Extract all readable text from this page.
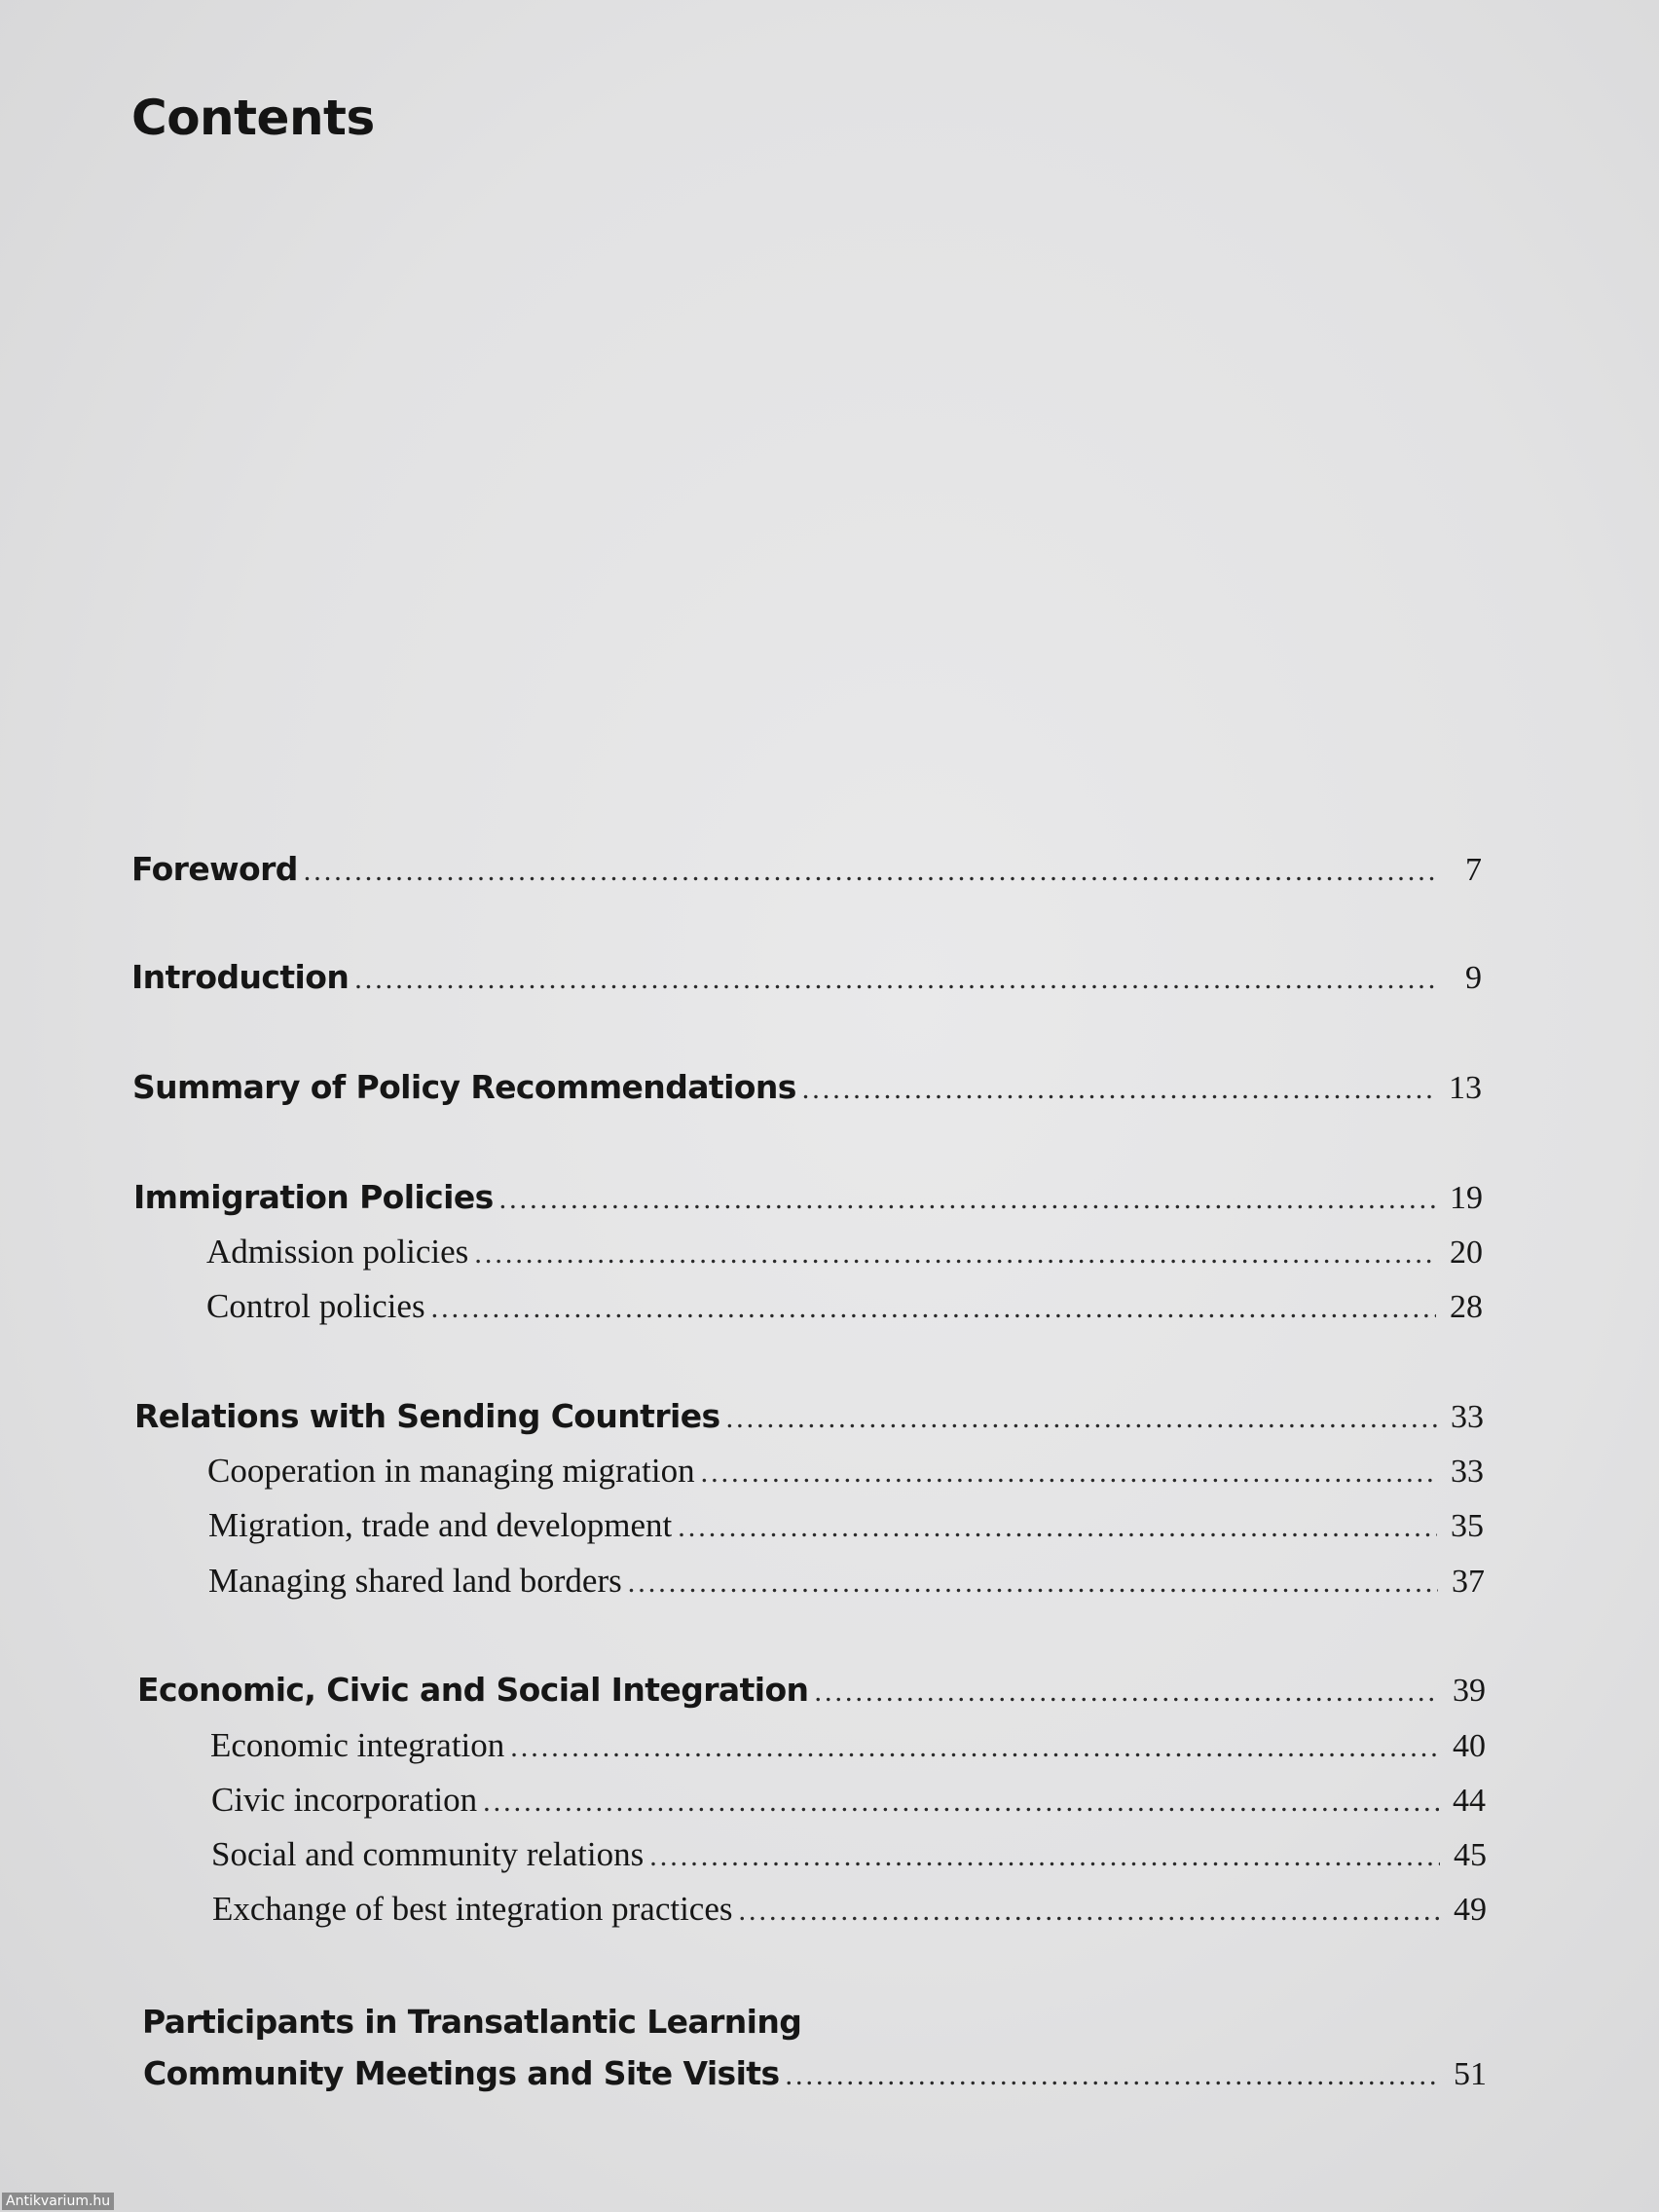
Contents
Foreword .....	7
Introduction .....	9
Summary of Policy Recommendations .....	13
Immigration Policies .....	19
Admission policies .....	20
Control policies .....	28
Relations with Sending Countries .....	33
Cooperation in managing migration .....	33
Migration, trade and development .....	35
Managing shared land borders .....	37
Economic, Civic and Social Integration .....	39
Economic integration .....	40
Civic incorporation .....	44
Social and community relations .....	45
Exchange of best integration practices .....	49
Participants in Transatlantic Learning
Community Meetings and Site Visits .....	51
Antikvarium.hu
